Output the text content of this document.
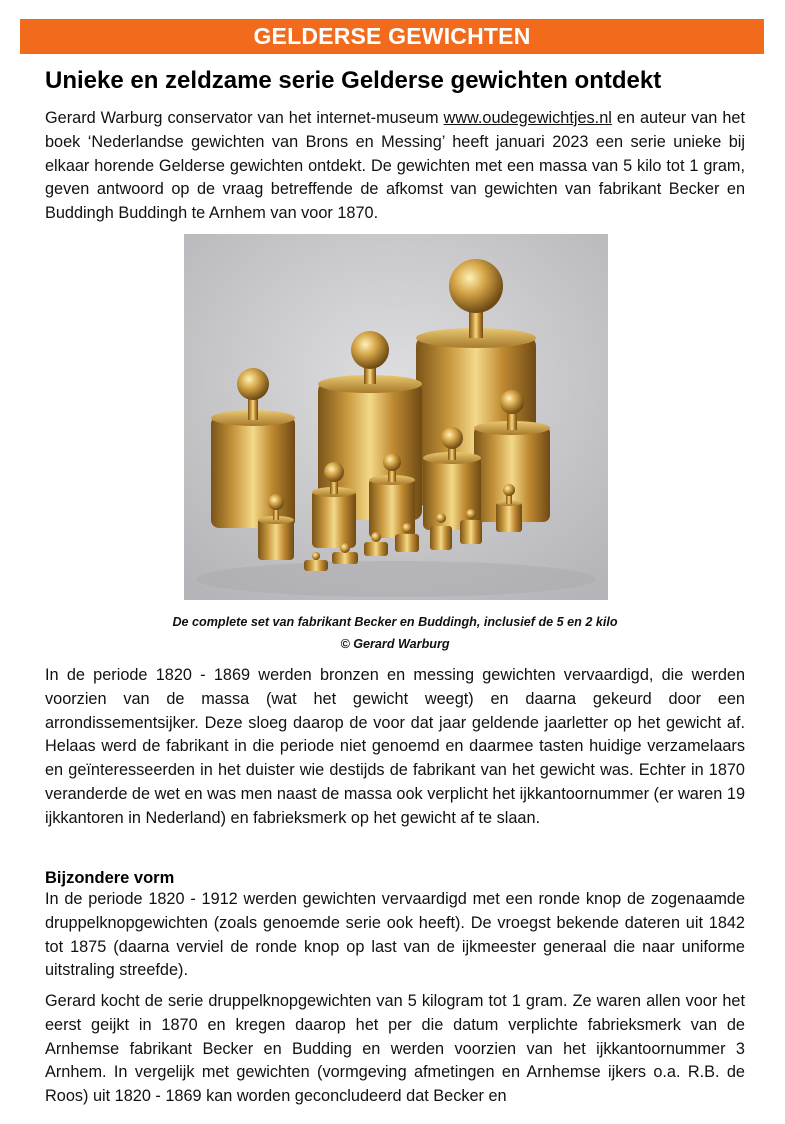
GELDERSE GEWICHTEN
Unieke en zeldzame serie Gelderse gewichten ontdekt

Gerard Warburg conservator van het internet-museum www.oudegewichtjes.nl en auteur van het boek ‘Nederlandse gewichten van Brons en Messing’ heeft januari 2023 een serie unieke bij elkaar horende Gelderse gewichten ontdekt. De gewichten met een massa van 5 kilo tot 1 gram, geven antwoord op de vraag betreffende de afkomst van gewichten van fabrikant Becker en Buddingh Buddingh te Arnhem van voor 1870.

De complete set van fabrikant Becker en Buddingh, inclusief de 5 en 2 kilo

© Gerard Warburg

In de periode 1820 - 1869 werden bronzen en messing gewichten vervaardigd, die werden voorzien van de massa (wat het gewicht weegt) en daarna gekeurd door een arrondissementsijker. Deze sloeg daarop de voor dat jaar geldende jaarletter op het gewicht af. Helaas werd de fabrikant in die periode niet genoemd en daarmee tasten huidige verzamelaars en geïnteresseerden in het duister wie destijds de fabrikant van het gewicht was. Echter in 1870 veranderde de wet en was men naast de massa ook verplicht het ijkkantoornummer (er waren 19 ijkkantoren in Nederland) en fabrieksmerk op het gewicht af te slaan.

Bijzondere vorm

In de periode 1820 - 1912 werden gewichten vervaardigd met een ronde knop de zogenaamde druppelknopgewichten (zoals genoemde serie ook heeft). De vroegst bekende dateren uit 1842 tot 1875 (daarna verviel de ronde knop op last van de ijkmeester generaal die naar uniforme uitstraling streefde).

Gerard kocht de serie druppelknopgewichten van 5 kilogram tot 1 gram. Ze waren allen voor het eerst geijkt in 1870 en kregen daarop het per die datum verplichte fabrieksmerk van de Arnhemse fabrikant Becker en Budding en werden voorzien van het ijkkantoornummer 3 Arnhem. In vergelijk met gewichten (vormgeving afmetingen en Arnhemse ijkers o.a. R.B. de Roos) uit 1820 - 1869 kan worden geconcludeerd dat Becker en
